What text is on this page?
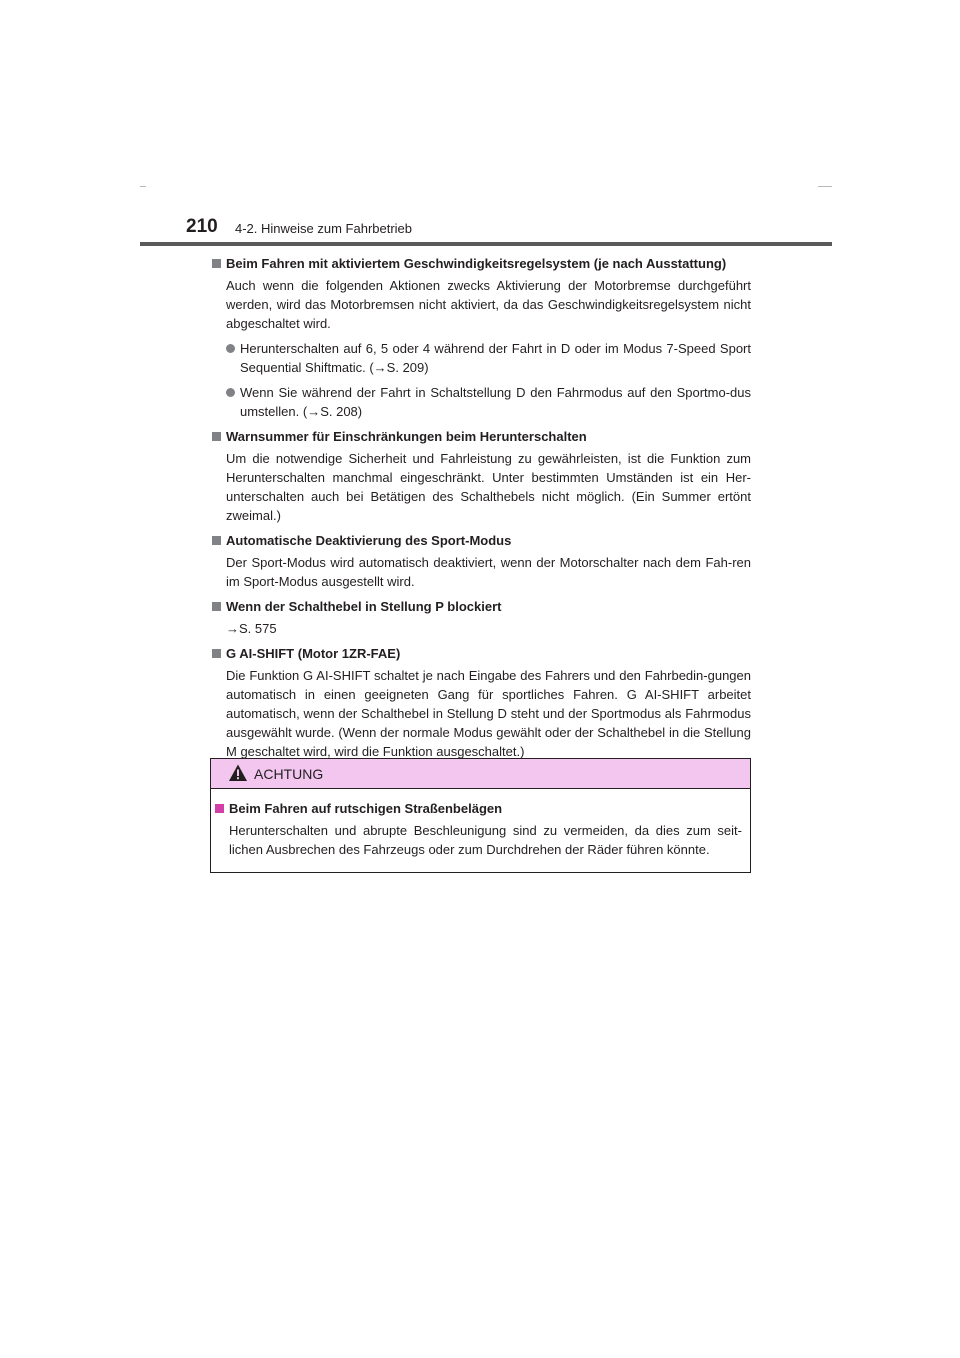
210 4-2. Hinweise zum Fahrbetrieb
Beim Fahren mit aktiviertem Geschwindigkeitsregelsystem (je nach Ausstattung)
Auch wenn die folgenden Aktionen zwecks Aktivierung der Motorbremse durchgeführt werden, wird das Motorbremsen nicht aktiviert, da das Geschwindigkeitsregelsystem nicht abgeschaltet wird.
Herunterschalten auf 6, 5 oder 4 während der Fahrt in D oder im Modus 7-Speed Sport Sequential Shiftmatic. (→S. 209)
Wenn Sie während der Fahrt in Schaltstellung D den Fahrmodus auf den Sportmo-dus umstellen. (→S. 208)
Warnsummer für Einschränkungen beim Herunterschalten
Um die notwendige Sicherheit und Fahrleistung zu gewährleisten, ist die Funktion zum Herunterschalten manchmal eingeschränkt. Unter bestimmten Umständen ist ein Her-unterschalten auch bei Betätigen des Schalthebels nicht möglich. (Ein Summer ertönt zweimal.)
Automatische Deaktivierung des Sport-Modus
Der Sport-Modus wird automatisch deaktiviert, wenn der Motorschalter nach dem Fah-ren im Sport-Modus ausgestellt wird.
Wenn der Schalthebel in Stellung P blockiert
→S. 575
G AI-SHIFT (Motor 1ZR-FAE)
Die Funktion G AI-SHIFT schaltet je nach Eingabe des Fahrers und den Fahrbedin-gungen automatisch in einen geeigneten Gang für sportliches Fahren. G AI-SHIFT arbeitet automatisch, wenn der Schalthebel in Stellung D steht und der Sportmodus als Fahrmodus ausgewählt wurde. (Wenn der normale Modus gewählt oder der Schalthebel in die Stellung M geschaltet wird, wird die Funktion ausgeschaltet.)
ACHTUNG
Beim Fahren auf rutschigen Straßenbelägen
Herunterschalten und abrupte Beschleunigung sind zu vermeiden, da dies zum seit-lichen Ausbrechen des Fahrzeugs oder zum Durchdrehen der Räder führen könnte.
